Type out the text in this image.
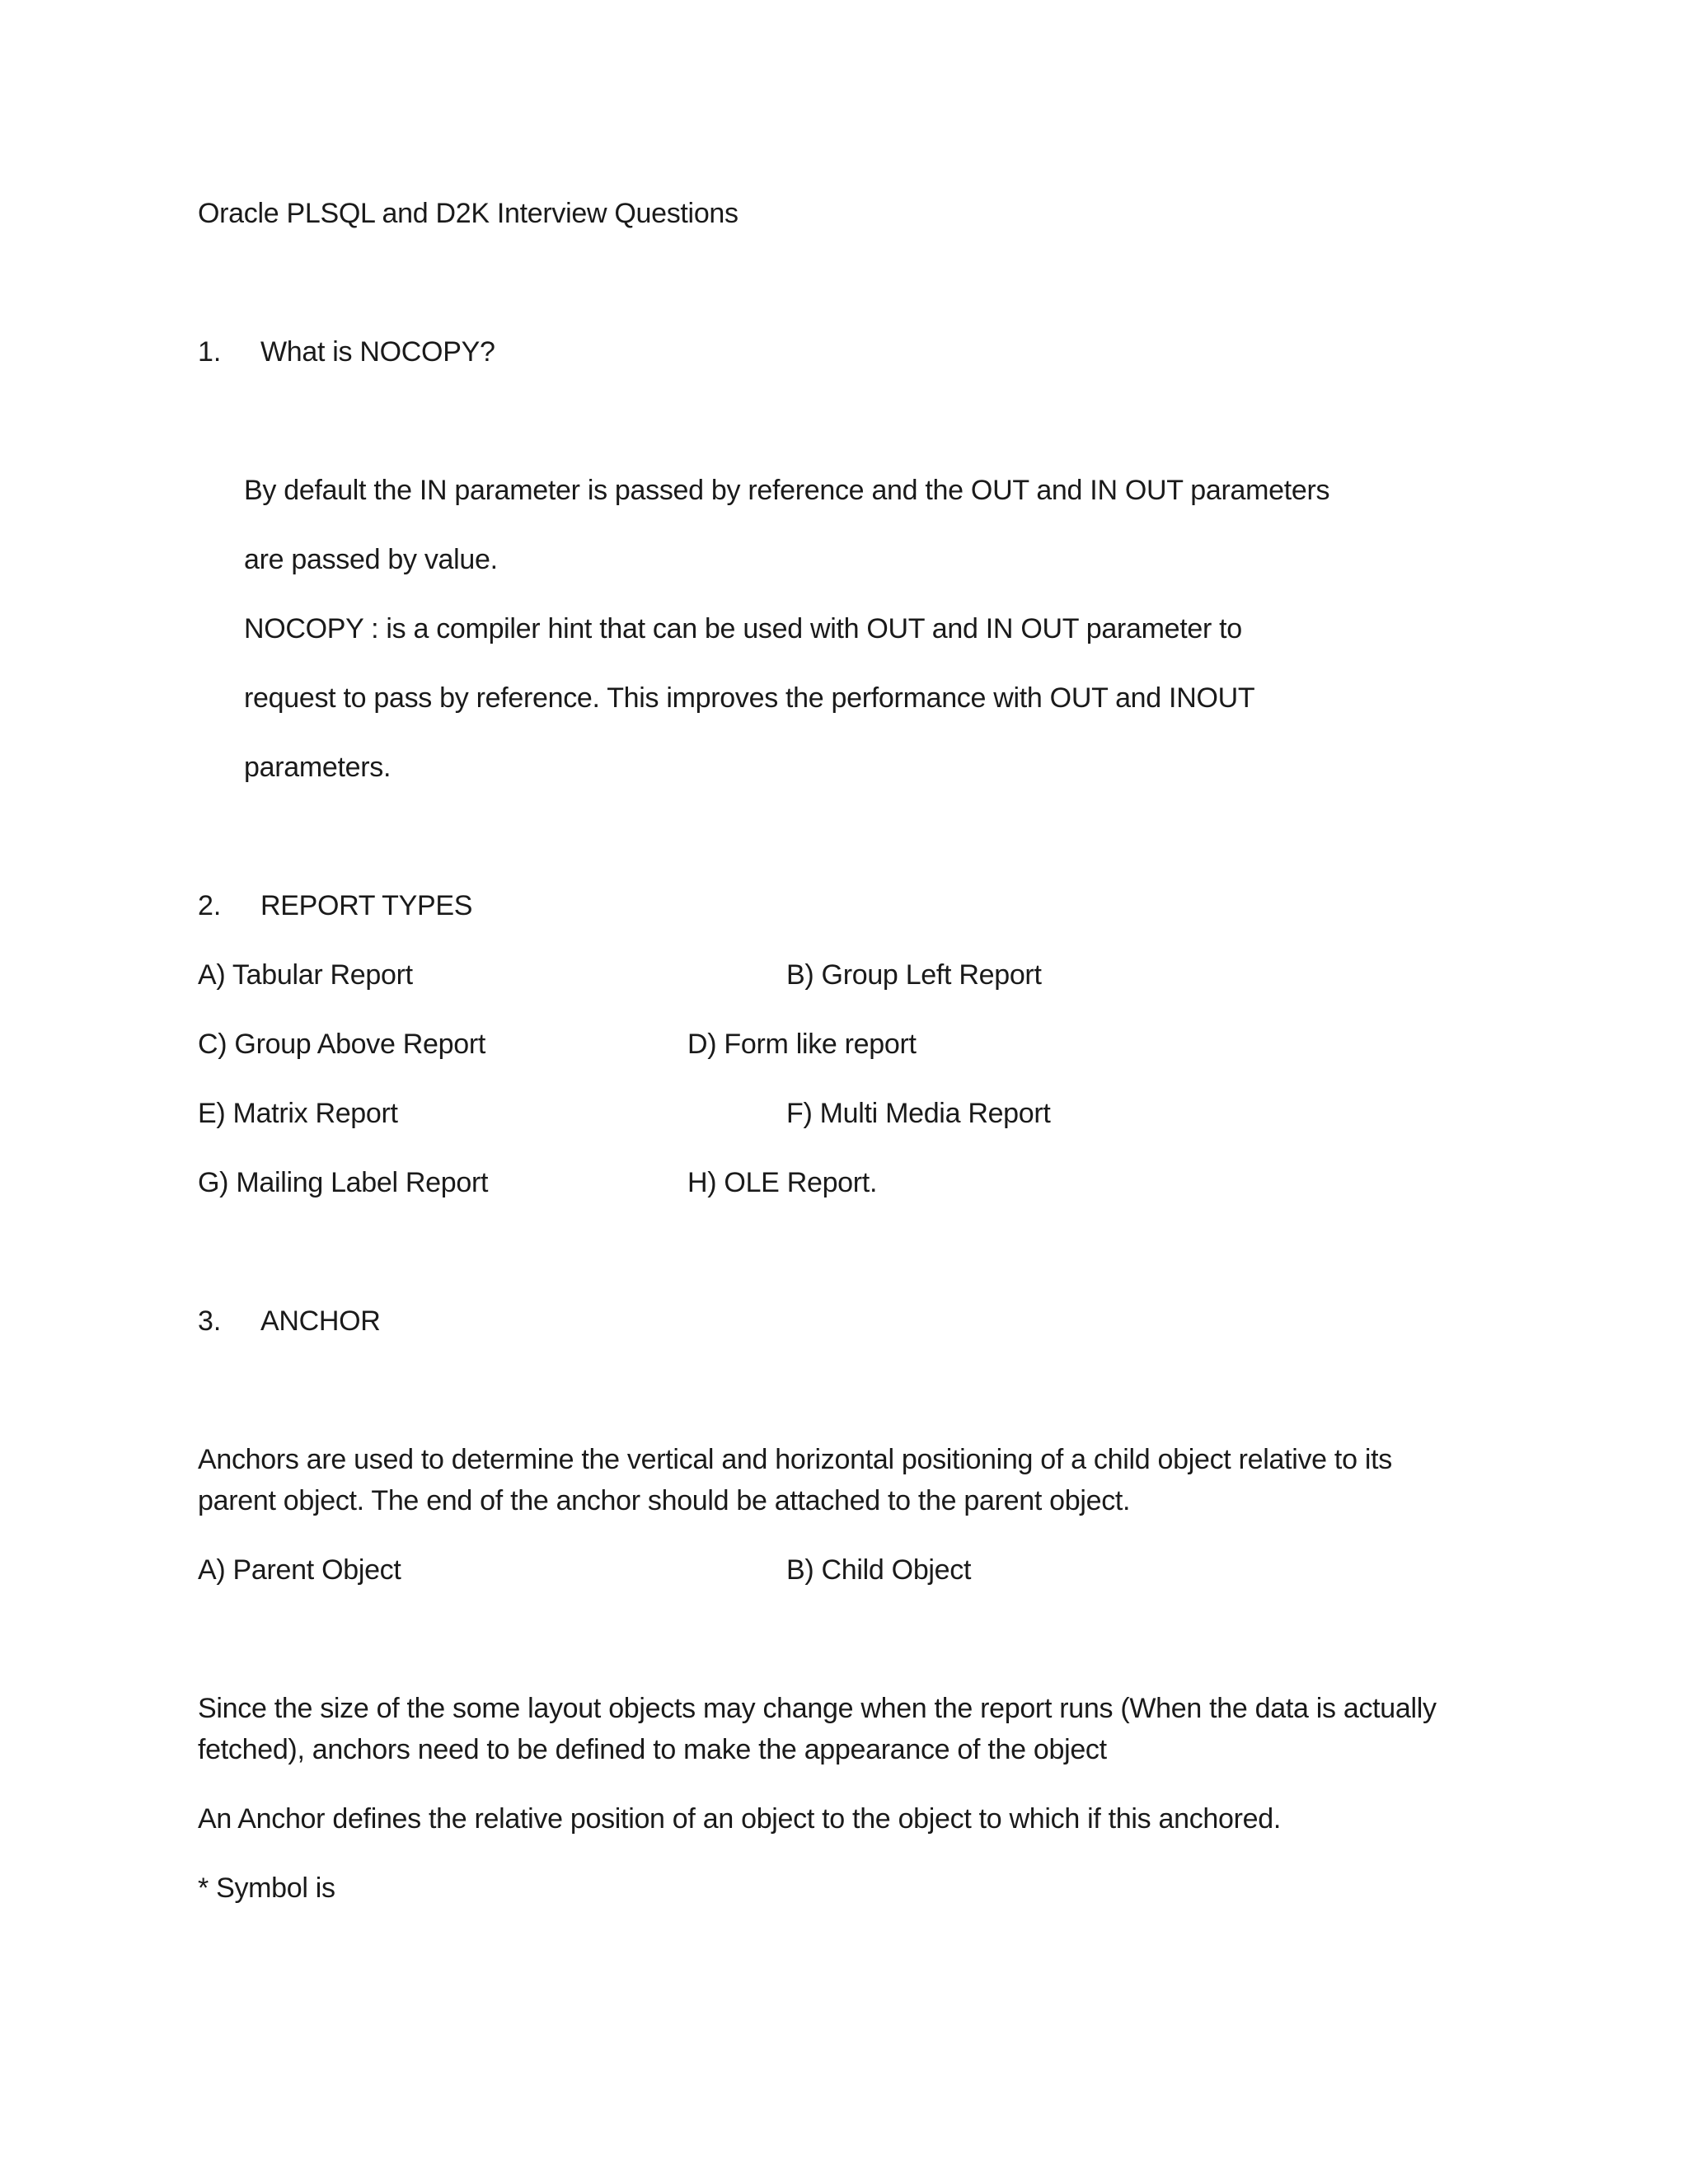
Oracle PLSQL and D2K Interview Questions
1. What is NOCOPY?
By default the IN parameter is passed by reference and the OUT and IN OUT parameters
are passed by value.
NOCOPY : is a compiler hint that can be used with OUT and IN OUT parameter to
request to pass by reference. This improves the performance with OUT and INOUT
parameters.
2. REPORT TYPES
A) Tabular Report	B) Group Left Report
C) Group Above Report	D) Form like report
E) Matrix Report	F) Multi Media Report
G) Mailing Label Report	H) OLE Report.
3. ANCHOR
Anchors are used to determine the vertical and horizontal positioning of a child object relative to its
parent object. The end of the anchor should be attached to the parent object.
A) Parent Object	B) Child Object
Since the size of the some layout objects may change when the report runs (When the data is actually
fetched), anchors need to be defined to make the appearance of the object
An Anchor defines the relative position of an object to the object to which if this anchored.
* Symbol is
